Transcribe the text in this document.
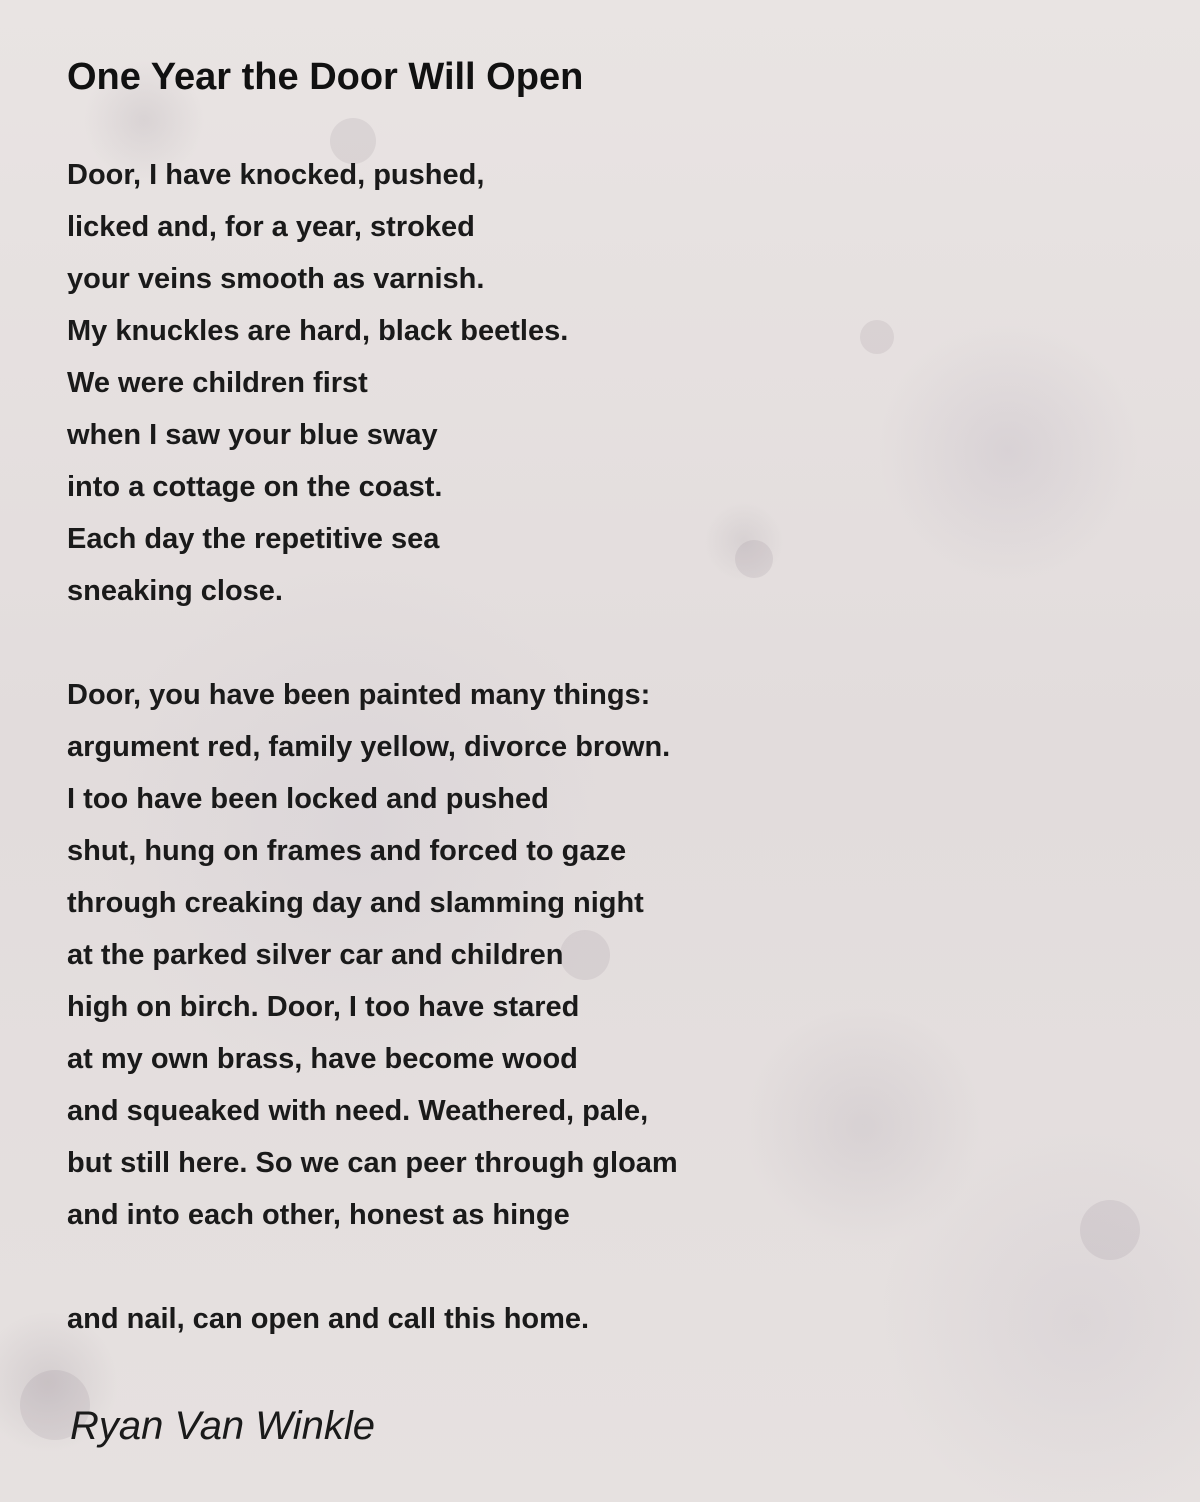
One Year the Door Will Open
Door, I have knocked, pushed,
licked and, for a year, stroked
your veins smooth as varnish.
My knuckles are hard, black beetles.
We were children first
when I saw your blue sway
into a cottage on the coast.
Each day the repetitive sea
sneaking close.
Door, you have been painted many things:
argument red, family yellow, divorce brown.
I too have been locked and pushed
shut, hung on frames and forced to gaze
through creaking day and slamming night
at the parked silver car and children
high on birch. Door, I too have stared
at my own brass, have become wood
and squeaked with need. Weathered, pale,
but still here. So we can peer through gloam
and into each other, honest as hinge
and nail, can open and call this home.

Ryan Van Winkle
